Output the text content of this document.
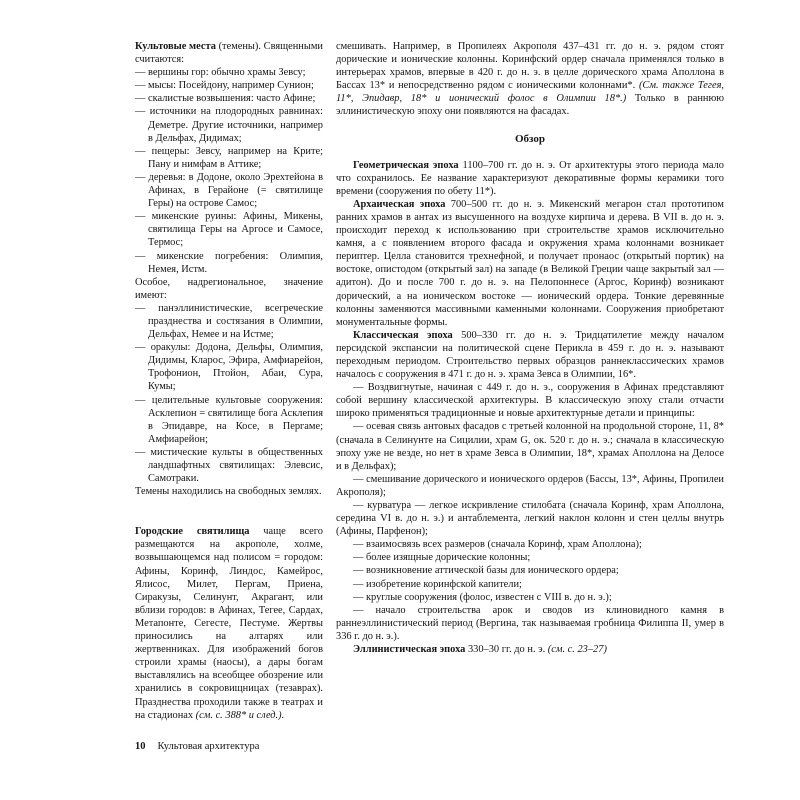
Культовые места (темены). Священными считаются:

— вершины гор: обычно храмы Зевсу;

— мысы: Посейдону, например Сунион;

— скалистые возвышения: часто Афине;

— источники на плодородных равнинах: Деметре. Другие источники, например в Дельфах, Дидимах;

— пещеры: Зевсу, например на Крите; Пану и нимфам в Аттике;

— деревья: в Додоне, около Эрехтейона в Афинах, в Герайоне (= святилище Геры) на острове Самос;

— микенские руины: Афины, Микены, святилища Геры на Аргосе и Самосе, Термос;

— микенские погребения: Олимпия, Немея, Истм.

Особое, надрегиональное, значение имеют:

— панэллинистические, всегреческие празднества и состязания в Олимпии, Дельфах, Немее и на Истме;

— оракулы: Додона, Дельфы, Олимпия, Дидимы, Кларос, Эфира, Амфиарейон, Трофонион, Птойон, Абаи, Сура, Кумы;

— целительные культовые сооружения: Асклепион = святилище бога Асклепия в Эпидавре, на Косе, в Пергаме; Амфиарейон;

— мистические культы в общественных ландшафтных святилищах: Элевсис, Самотраки.

Темены находились на свободных землях.

Городские святилища чаще всего размещаются на акрополе, холме, возвышающемся над полисом = городом: Афины, Коринф, Линдос, Камейрос, Ялисос, Милет, Пергам, Приена, Сиракузы, Селинунт, Акрагант, или вблизи городов: в Афинах, Тегее, Сардах, Метапонте, Сегесте, Пестуме. Жертвы приносились на алтарях или жертвенниках. Для изображений богов строили храмы (наосы), а дары богам выставлялись на всеобщее обозрение или хранились в сокровищницах (тезаврах). Празднества проходили также в театрах и на стадионах (см. с. 388* и след.).

смешивать. Например, в Пропилеях Акрополя 437–431 гг. до н. э. рядом стоят дорические и ионические колонны. Коринфский ордер сначала применялся только в интерьерах храмов, впервые в 420 г. до н. э. в целле дорического храма Аполлона в Бассах 13* и непосредственно рядом с ионическими колоннами*. (См. также Тегея, 11*, Эпидавр, 18* и ионический фолос в Олимпии 18*.) Только в раннюю эллинистическую эпоху они появляются на фасадах.

Обзор

Геометрическая эпоха 1100–700 гг. до н. э. От архитектуры этого периода мало что сохранилось. Ее название характеризуют декоративные формы керамики того времени (сооружения по обету 11*).

Архаическая эпоха 700–500 гг. до н. э. Микенский мегарон стал прототипом ранних храмов в антах из высушенного на воздухе кирпича и дерева. В VII в. до н. э. происходит переход к использованию при строительстве храмов исключительно камня, а с появлением второго фасада и окружения храма колоннами возникает периптер. Целла становится трехнефной, и получает пронаос (открытый портик) на востоке, опистодом (открытый зал) на западе (в Великой Греции чаще закрытый зал — адитон). До и после 700 г. до н. э. на Пелопоннесе (Аргос, Коринф) возникают дорический, а на ионическом востоке — ионический ордера. Тонкие деревянные колонны заменяются массивными каменными колоннами. Сооружения приобретают монументальные формы.

Классическая эпоха 500–330 гг. до н. э. Тридцатилетие между началом персидской экспансии на политической сцене Перикла в 459 г. до н. э. называют переходным периодом. Строительство первых образцов раннеклассических храмов началось с сооружения в 471 г. до н. э. храма Зевса в Олимпии, 16*.

— Воздвигнутые, начиная с 449 г. до н. э., сооружения в Афинах представляют собой вершину классической архитектуры. В классическую эпоху стали отчасти широко применяться традиционные и новые архитектурные детали и принципы:

— осевая связь антовых фасадов с третьей колонной на продольной стороне, 11, 8* (сначала в Селинунте на Сицилии, храм G, ок. 520 г. до н. э.; сначала в классическую эпоху уже не везде, но нет в храме Зевса в Олимпии, 18*, храмах Аполлона на Делосе и в Дельфах);

— смешивание дорического и ионического ордеров (Бассы, 13*, Афины, Пропилеи Акрополя);

— курватура — легкое искривление стилобата (сначала Коринф, храм Аполлона, середина VI в. до н. э.) и антаблемента, легкий наклон колонн и стен целлы внутрь (Афины, Парфенон);

— взаимосвязь всех размеров (сначала Коринф, храм Аполлона);

— более изящные дорические колонны;

— возникновение аттической базы для ионического ордера;

— изобретение коринфской капители;

— круглые сооружения (фолос, известен с VIII в. до н. э.);

— начало строительства арок и сводов из клиновидного камня в раннеэллинистический период (Вергина, так называемая гробница Филиппа II, умер в 336 г. до н. э.).

Эллинистическая эпоха 330–30 гг. до н. э. (см. с. 23–27)

10 Культовая архитектура
